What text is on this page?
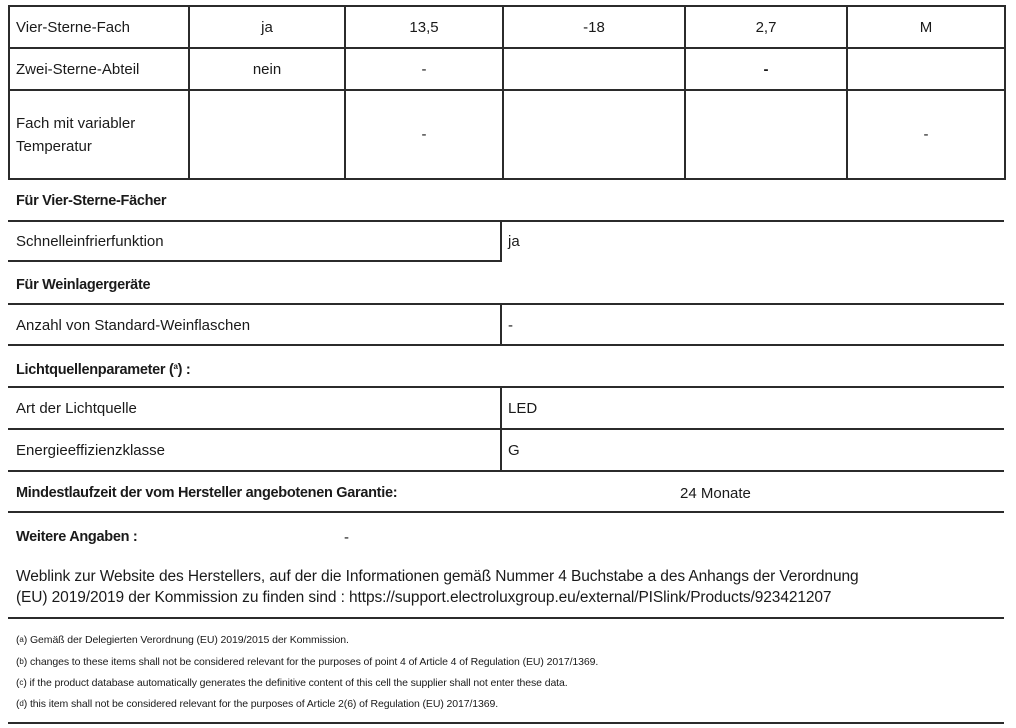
Vier-Sterne-Fach	ja	13,5	-18	2,7	M
Zwei-Sterne-Abteil	nein	-		-	
Fach mit variabler
Temperatur		-			-
Für Vier-Sterne-Fächer
Schnelleinfrierfunktion	ja
Für Weinlagergeräte
Anzahl von Standard-Weinflaschen	-
Lichtquellenparameter ($^a$) :
Art der Lichtquelle	LED
Energieeffizienzklasse	G
Mindestlaufzeit der vom Hersteller angebotenen Garantie:	24 Monate
Weitere Angaben :	-
Weblink zur Website des Herstellers, auf der die Informationen gemäß Nummer 4 Buchstabe a des Anhangs der Verordnung
(EU) 2019/2019 der Kommission zu finden sind : https://support.electroluxgroup.eu/external/PISlink/Products/923421207
($^a$) Gemäß der Delegierten Verordnung (EU) 2019/2015 der Kommission.
($^b$) changes to these items shall not be considered relevant for the purposes of point 4 of Article 4 of Regulation (EU) 2017/1369.
($^c$) if the product database automatically generates the definitive content of this cell the supplier shall not enter these data.
($^d$) this item shall not be considered relevant for the purposes of Article 2(6) of Regulation (EU) 2017/1369.
